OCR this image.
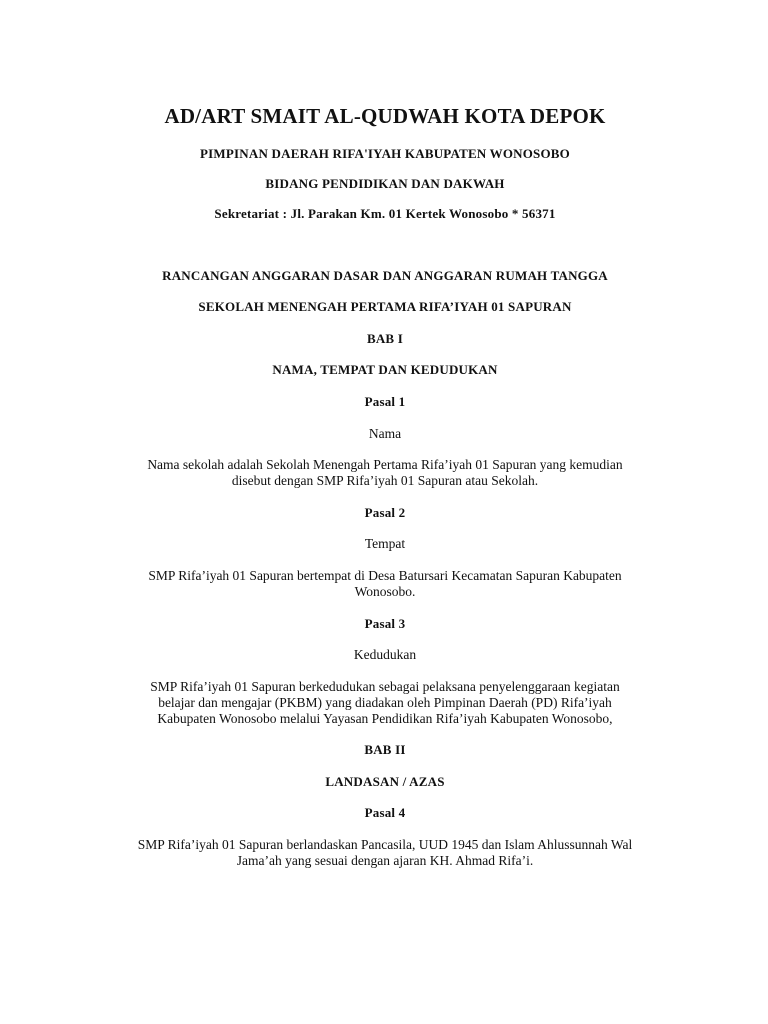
AD/ART SMAIT AL-QUDWAH KOTA DEPOK
PIMPINAN DAERAH RIFA'IYAH KABUPATEN WONOSOBO
BIDANG PENDIDIKAN DAN DAKWAH
Sekretariat : Jl. Parakan Km. 01 Kertek Wonosobo * 56371
RANCANGAN ANGGARAN DASAR DAN ANGGARAN RUMAH TANGGA
SEKOLAH MENENGAH PERTAMA RIFA’IYAH 01 SAPURAN
BAB I
NAMA, TEMPAT DAN KEDUDUKAN
Pasal 1
Nama
Nama sekolah adalah Sekolah Menengah Pertama Rifa’iyah 01 Sapuran yang kemudian
disebut dengan SMP Rifa’iyah 01 Sapuran atau Sekolah.
Pasal 2
Tempat
SMP Rifa’iyah 01 Sapuran bertempat di Desa Batursari Kecamatan Sapuran Kabupaten
Wonosobo.
Pasal 3
Kedudukan
SMP Rifa’iyah 01 Sapuran berkedudukan sebagai pelaksana penyelenggaraan kegiatan
belajar dan mengajar (PKBM) yang diadakan oleh Pimpinan Daerah (PD) Rifa’iyah
Kabupaten Wonosobo melalui Yayasan Pendidikan Rifa’iyah Kabupaten Wonosobo,
BAB II
LANDASAN / AZAS
Pasal 4
SMP Rifa’iyah 01 Sapuran berlandaskan Pancasila, UUD 1945 dan Islam Ahlussunnah Wal
Jama’ah yang sesuai dengan ajaran KH. Ahmad Rifa’i.
